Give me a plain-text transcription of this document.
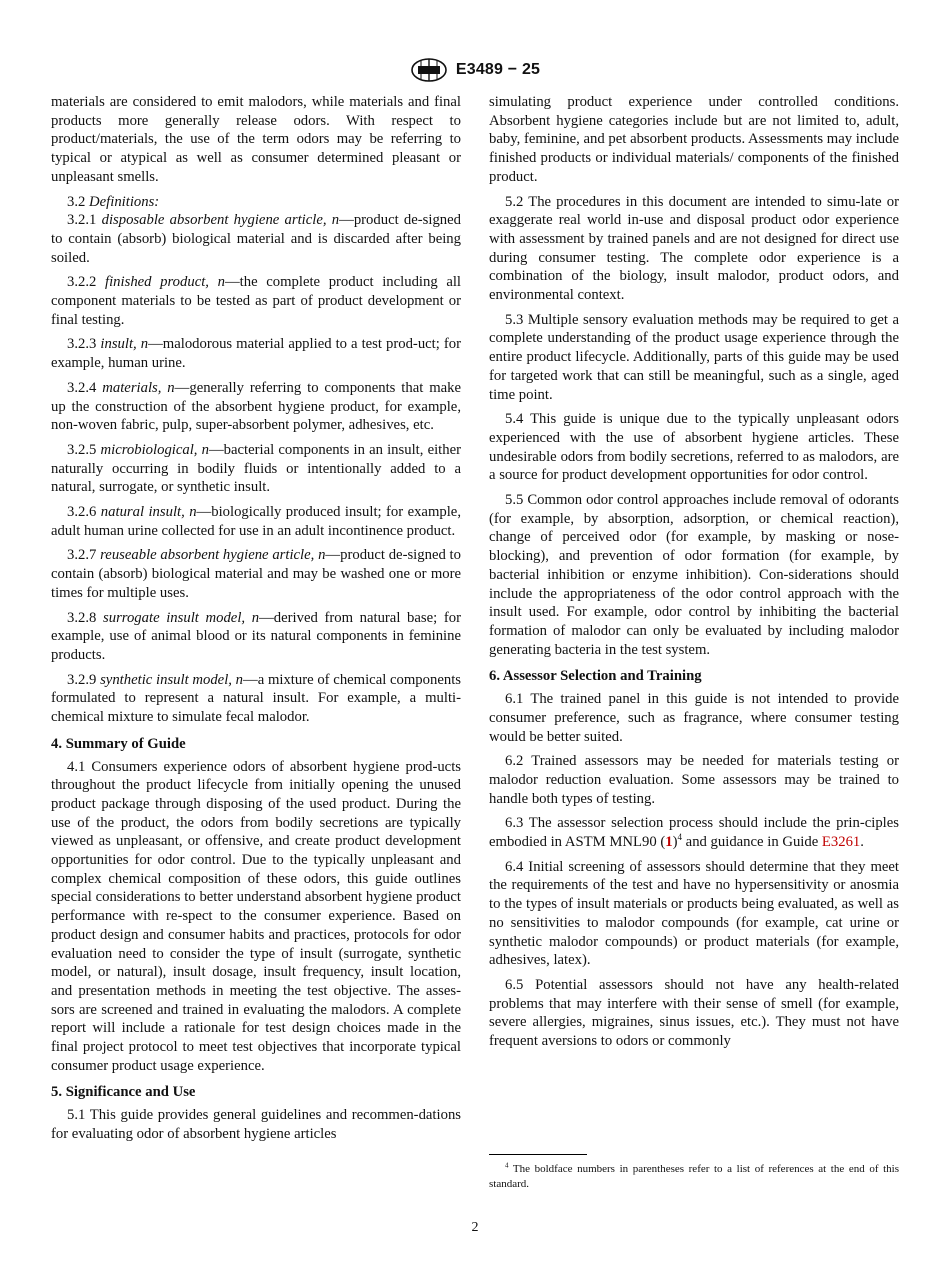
E3489 − 25

materials are considered to emit malodors, while materials and final products more generally release odors. With respect to product/materials, the use of the term odors may be referring to typical or atypical as well as consumer determined pleasant or unpleasant smells.

3.2 Definitions:

3.2.1 disposable absorbent hygiene article, n—product de-signed to contain (absorb) biological material and is discarded after being soiled.

3.2.2 finished product, n—the complete product including all component materials to be tested as part of product development or final testing.

3.2.3 insult, n—malodorous material applied to a test prod-uct; for example, human urine.

3.2.4 materials, n—generally referring to components that make up the construction of the absorbent hygiene product, for example, non-woven fabric, pulp, super-absorbent polymer, adhesives, etc.

3.2.5 microbiological, n—bacterial components in an insult, either naturally occurring in bodily fluids or intentionally added to a natural, surrogate, or synthetic insult.

3.2.6 natural insult, n—biologically produced insult; for example, adult human urine collected for use in an adult incontinence product.

3.2.7 reuseable absorbent hygiene article, n—product de-signed to contain (absorb) biological material and may be washed one or more times for multiple uses.

3.2.8 surrogate insult model, n—derived from natural base; for example, use of animal blood or its natural components in feminine products.

3.2.9 synthetic insult model, n—a mixture of chemical components formulated to represent a natural insult. For example, a multi-chemical mixture to simulate fecal malodor.

4. Summary of Guide

4.1 Consumers experience odors of absorbent hygiene prod-ucts throughout the product lifecycle from initially opening the unused product package through disposing of the used product. During the use of the product, the odors from bodily secretions are typically viewed as unpleasant, or offensive, and create product development opportunities for odor control. Due to the typically unpleasant and complex chemical composition of these odors, this guide outlines special considerations to better understand absorbent hygiene product performance with re-spect to the consumer experience. Based on product design and consumer habits and practices, protocols for odor evaluation need to consider the type of insult (surrogate, synthetic model, or natural), insult dosage, insult frequency, insult location, and presentation methods in meeting the test objective. The asses-sors are screened and trained in evaluating the malodors. A complete report will include a rationale for test design choices made in the final project protocol to meet test objectives that incorporate typical consumer product usage experience.

5. Significance and Use

5.1 This guide provides general guidelines and recommen-dations for evaluating odor of absorbent hygiene articles

simulating product experience under controlled conditions. Absorbent hygiene categories include but are not limited to, adult, baby, feminine, and pet absorbent products. Assessments may include finished products or individual materials/ components of the finished product.

5.2 The procedures in this document are intended to simu-late or exaggerate real world in-use and disposal product odor experience with assessment by trained panels and are not designed for direct use during consumer testing. The complete odor experience is a combination of the biology, insult malodor, product odors, and environmental context.

5.3 Multiple sensory evaluation methods may be required to get a complete understanding of the product usage experience through the entire product lifecycle. Additionally, parts of this guide may be used for targeted work that can still be meaningful, such as a single, aged time point.

5.4 This guide is unique due to the typically unpleasant odors experienced with the use of absorbent hygiene articles. These undesirable odors from bodily secretions, referred to as malodors, are a source for product development opportunities for odor control.

5.5 Common odor control approaches include removal of odorants (for example, by absorption, adsorption, or chemical reaction), change of perceived odor (for example, by masking or nose-blocking), and prevention of odor formation (for example, by bacterial inhibition or enzyme inhibition). Con-siderations should include the appropriateness of the odor control approach with the insult used. For example, odor control by inhibiting the bacterial formation of malodor can only be evaluated by including malodor generating bacteria in the test system.

6. Assessor Selection and Training

6.1 The trained panel in this guide is not intended to provide consumer preference, such as fragrance, where consumer testing would be better suited.

6.2 Trained assessors may be needed for materials testing or malodor reduction evaluation. Some assessors may be trained to handle both types of testing.

6.3 The assessor selection process should include the prin-ciples embodied in ASTM MNL90 $(1)^4$ and guidance in Guide E3261.

6.4 Initial screening of assessors should determine that they meet the requirements of the test and have no hypersensitivity or anosmia to the types of insult materials or products being evaluated, as well as no sensitivities to malodor compounds (for example, cat urine or synthetic malodor compounds) or product materials (for example, adhesives, latex).

6.5 Potential assessors should not have any health-related problems that may interfere with their sense of smell (for example, severe allergies, migraines, sinus issues, etc.). They must not have frequent aversions to odors or commonly

$^4$ The boldface numbers in parentheses refer to a list of references at the end of this standard.
2
